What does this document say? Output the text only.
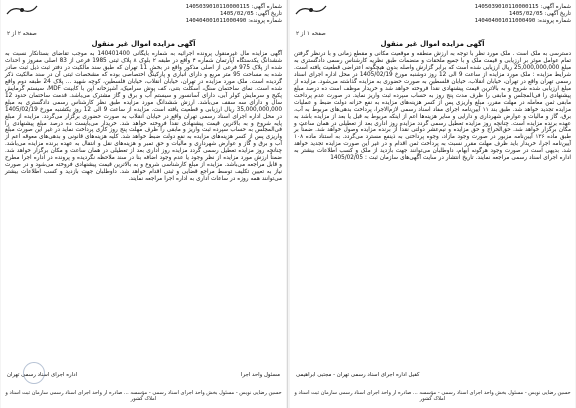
شماره آگهی:1405039010110000115
تاریخ آگهی:1405/02/05
شماره پرونده:140404001011000490
صفحه ۲ از ۲
آگهی مزایده اموال غیر منقول
آگهی مزایده مال غیرمنقول پرونده اجرائیه به شماره بایگانی 140401400 به موجب تقاضای بستانکار نسبت به ششدانگ یکدستگاه آپارتمان شماره ۴ واقع در طبقه ۲ بلوک ۸ پلاک ثبتی 1985 فرعی از 83 اصلی مفروز و احداث شده از پلاک 975 فرعی از اصلی مذکور واقع در بخش 11 تهران که طبق سند مالکیت در دفتر ثبت ذیل ثبت صادر شده به مساحت 95 متر مربع و دارای انباری و پارکینگ اختصاصی بوده که مشخصات ثبتی آن در سند مالکیت ذکر گردیده است. ملک مورد مزایده در تهران، خیابان انقلاب، خیابان فلسطین، کوچه شهید ... پلاک 24 طبقه دوم واقع شده است. نمای ساختمان سنگ، اسکلت بتنی، کف پوش سرامیک، آشپزخانه اپن با کابینت MDF، سیستم گرمایش پکیج و سرمایش کولر آبی، دارای آسانسور و سیستم آب و برق و گاز مشترک می‌باشد. قدمت ساختمان حدود 12 سال و دارای سه سقف می‌باشد. ارزش ششدانگ مورد مزایده طبق نظر کارشناس رسمی دادگستری به مبلغ 35,000,000,000 ریال ارزیابی و قطعیت یافته است. مزایده از ساعت 9 الی 12 روز یکشنبه مورخ 1405/02/19 در محل اداره اجرای اسناد رسمی تهران واقع در خیابان انقلاب به صورت حضوری برگزار می‌گردد. مزایده از مبلغ پایه شروع و به بالاترین قیمت پیشنهادی نقداً فروخته خواهد شد. خریدار می‌بایست ده درصد مبلغ پیشنهادی را فی‌المجلس به حساب سپرده ثبت واریز و مابقی را ظرف مهلت پنج روز کاری پرداخت نماید در غیر این صورت مبلغ واریزی پس از کسر هزینه‌های مزایده به نفع دولت ضبط خواهد شد. کلیه هزینه‌های قانونی و بدهی‌های معوقه اعم از آب و برق و گاز و عوارض شهرداری و مالیات و حق تمبر و هزینه‌های نقل و انتقال به عهده برنده مزایده می‌باشد. چنانچه روز مزایده تعطیل رسمی گردد مزایده روز اداری بعد از تعطیلی در همان ساعت و مکان برگزار خواهد شد. ضمناً ارزش مورد مزایده از نظر وجود یا عدم وجود اضافه بنا در سند ملاحظه نگردیده و پرونده در اداره اجرا مطرح و قابل مراجعه می‌باشد. مزایده از مبلغ کارشناسی شروع و به بالاترین قیمت پیشنهادی فروخته می‌شود و در صورت نیاز به تعیین تکلیف توسط مراجع قضایی و ثبتی اقدام خواهد شد. داوطلبان جهت بازدید و کسب اطلاعات بیشتر می‌توانند همه روزه در ساعات اداری به اداره اجرا مراجعه نمایند.
مسئول واحد اجرا
اداره اجرای اسناد رسمی تهران
حسین رضایی نویس - مسئول بخش واحد اجرای اسناد رسمی - مؤسسه ... صادره از واحد اجرای اسناد رسمی سازمان ثبت اسناد و املاک کشور
شماره آگهی:1405039010110000115
تاریخ آگهی:1405/02/05
شماره پرونده:140404001011000490
صفحه ۱ از ۲
آگهی مزایده اموال غیر منقول
دسترسی به ملک است . ملک مورد نظر با توجه به ارزش منطقه و موقعیت مکانی و مقطع زمانی و با درنظر گرفتن تمام عوامل موثر بر ارزیابی و قیمت ملک و با جمیع ملحقات و منضمات طبق نظریه کارشناس رسمی دادگستری به مبلغ 25,000,000,000 ریال ارزیابی شده است که برابر گزارش واصله بدون هیچگونه اعتراضی قطعیت یافته است. شرایط مزایده : ملک مورد مزایده از ساعت 9 الی 12 روز دوشنبه مورخ 1405/02/19 در محل اداره اجرای اسناد رسمی تهران واقع در تهران، خیابان انقلاب، خیابان فلسطین به صورت حضوری به مزایده گذاشته می‌شود. مزایده از مبلغ ارزیابی شده شروع و به بالاترین قیمت پیشنهادی نقداً فروخته خواهد شد و خریدار موظف است ده درصد مبلغ پیشنهادی را فی‌المجلس و مابقی را ظرف مدت پنج روز به حساب سپرده ثبت واریز نماید. در صورت عدم پرداخت مابقی ثمن معامله در مهلت مقرر، مبلغ واریزی پس از کسر هزینه‌های مزایده به نفع خزانه دولت ضبط و عملیات مزایده تجدید خواهد شد. طبق بند ۱۱ آیین‌نامه اجرای مفاد اسناد رسمی لازم‌الاجرا، پرداخت بدهی‌های مربوط به آب، برق، گاز و مالیات و عوارض شهرداری و دارایی و سایر هزینه‌ها اعم از اینکه مربوط به قبل یا بعد از مزایده باشد به عهده برنده مزایده است. چنانچه روز مزایده تعطیل رسمی گردد مزایده روز اداری بعد از تعطیلی در همان ساعت و مکان برگزار خواهد شد. حق‌الحراج و حق مزایده و نیم‌عشر دولتی نقداً از برنده مزایده وصول خواهد شد. ضمناً بر طبق ماده ۱۳۶ آیین‌نامه مزبور در صورت وجود مازاد، وجوه پرداختی به ذینفع مسترد می‌گردد. به استناد ماده ۱۰۸ آیین‌نامه اجرا، خریدار باید ظرف مهلت مقرر نسبت به پرداخت ثمن اقدام و در غیر این صورت مزایده تجدید خواهد شد. بدیهی است در صورت وجود هرگونه ابهام، داوطلبان می‌توانند جهت بازدید از ملک و کسب اطلاعات بیشتر به اداره اجرای اسناد رسمی مراجعه نمایند. تاریخ انتشار در سایت آگهی‌های سازمان ثبت : 1405/02/05
کفیل اداره اجرای اسناد رسمی تهران - مجتبی ابراهیمی
حسین رضایی نویس - مسئول بخش واحد اجرای اسناد رسمی - مؤسسه ... صادره از واحد اجرای اسناد رسمی سازمان ثبت اسناد و املاک کشور
